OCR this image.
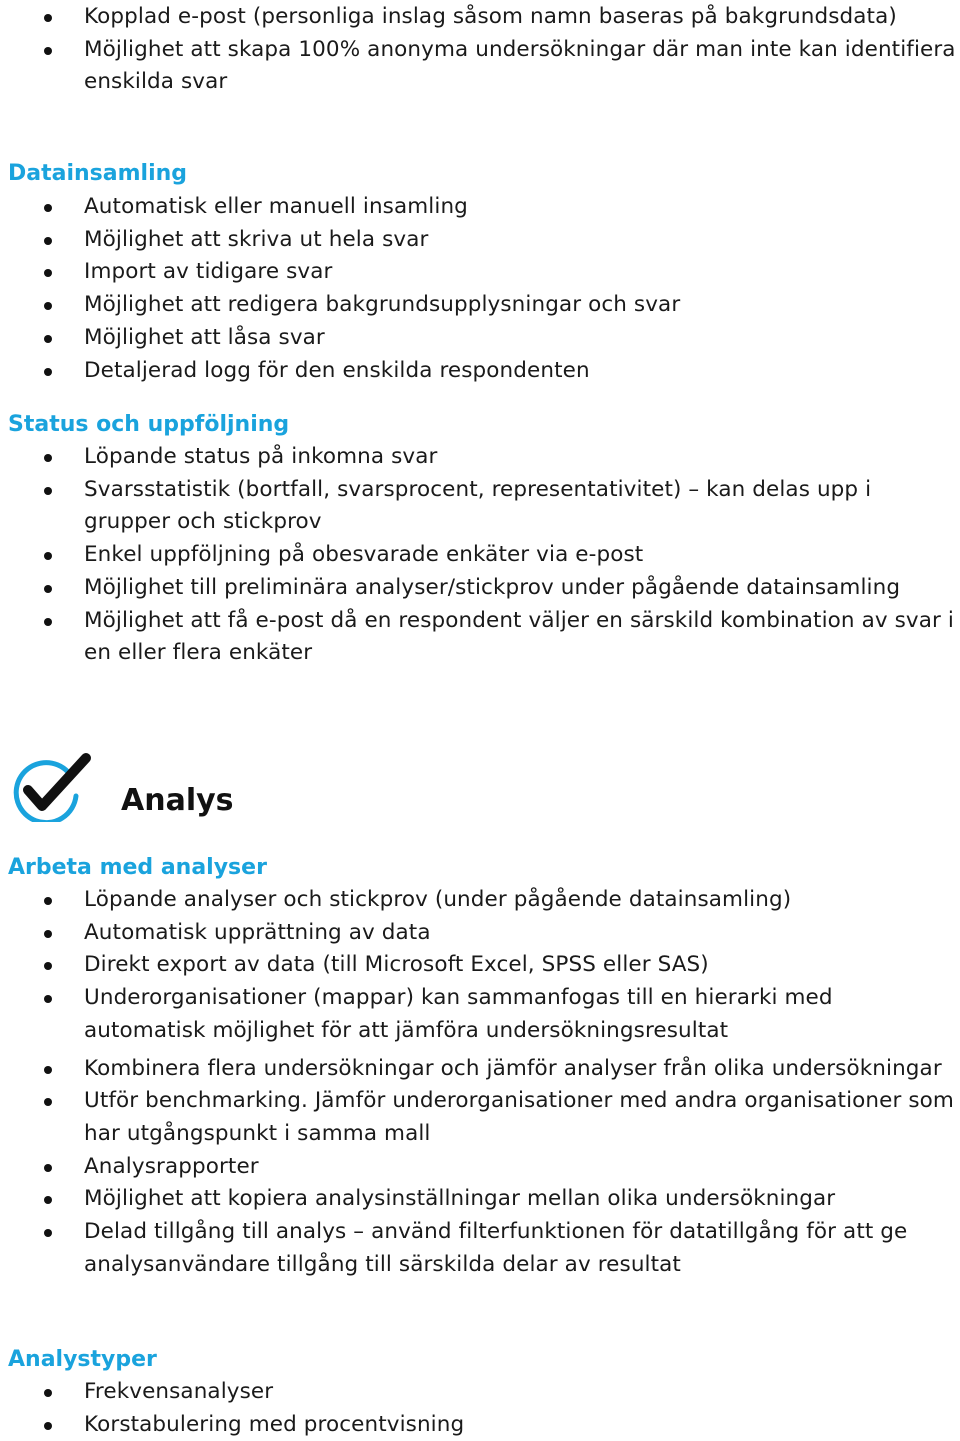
Kopplad e-post (personliga inslag såsom namn baseras på bakgrundsdata)
Möjlighet att skapa 100% anonyma undersökningar där man inte kan identifiera enskilda svar
Datainsamling
Automatisk eller manuell insamling
Möjlighet att skriva ut hela svar
Import av tidigare svar
Möjlighet att redigera bakgrundsupplysningar och svar
Möjlighet att låsa svar
Detaljerad logg för den enskilda respondenten
Status och uppföljning
Löpande status på inkomna svar
Svarsstatistik (bortfall, svarsprocent, representativitet) – kan delas upp i grupper och stickprov
Enkel uppföljning på obesvarade enkäter via e-post
Möjlighet till preliminära analyser/stickprov under pågående datainsamling
Möjlighet att få e-post då en respondent väljer en särskild kombination av svar i en eller flera enkäter
Analys
Arbeta med analyser
Löpande analyser och stickprov (under pågående datainsamling)
Automatisk upprättning av data
Direkt export av data (till Microsoft Excel, SPSS eller SAS)
Underorganisationer (mappar) kan sammanfogas till en hierarki med automatisk möjlighet för att jämföra undersökningsresultat
Kombinera flera undersökningar och jämför analyser från olika undersökningar
Utför benchmarking. Jämför underorganisationer med andra organisationer som har utgångspunkt i samma mall
Analysrapporter
Möjlighet att kopiera analysinställningar mellan olika undersökningar
Delad tillgång till analys – använd filterfunktionen för datatillgång för att ge analysanvändare tillgång till särskilda delar av resultat
Analystyper
Frekvensanalyser
Korstabulering med procentvisning
